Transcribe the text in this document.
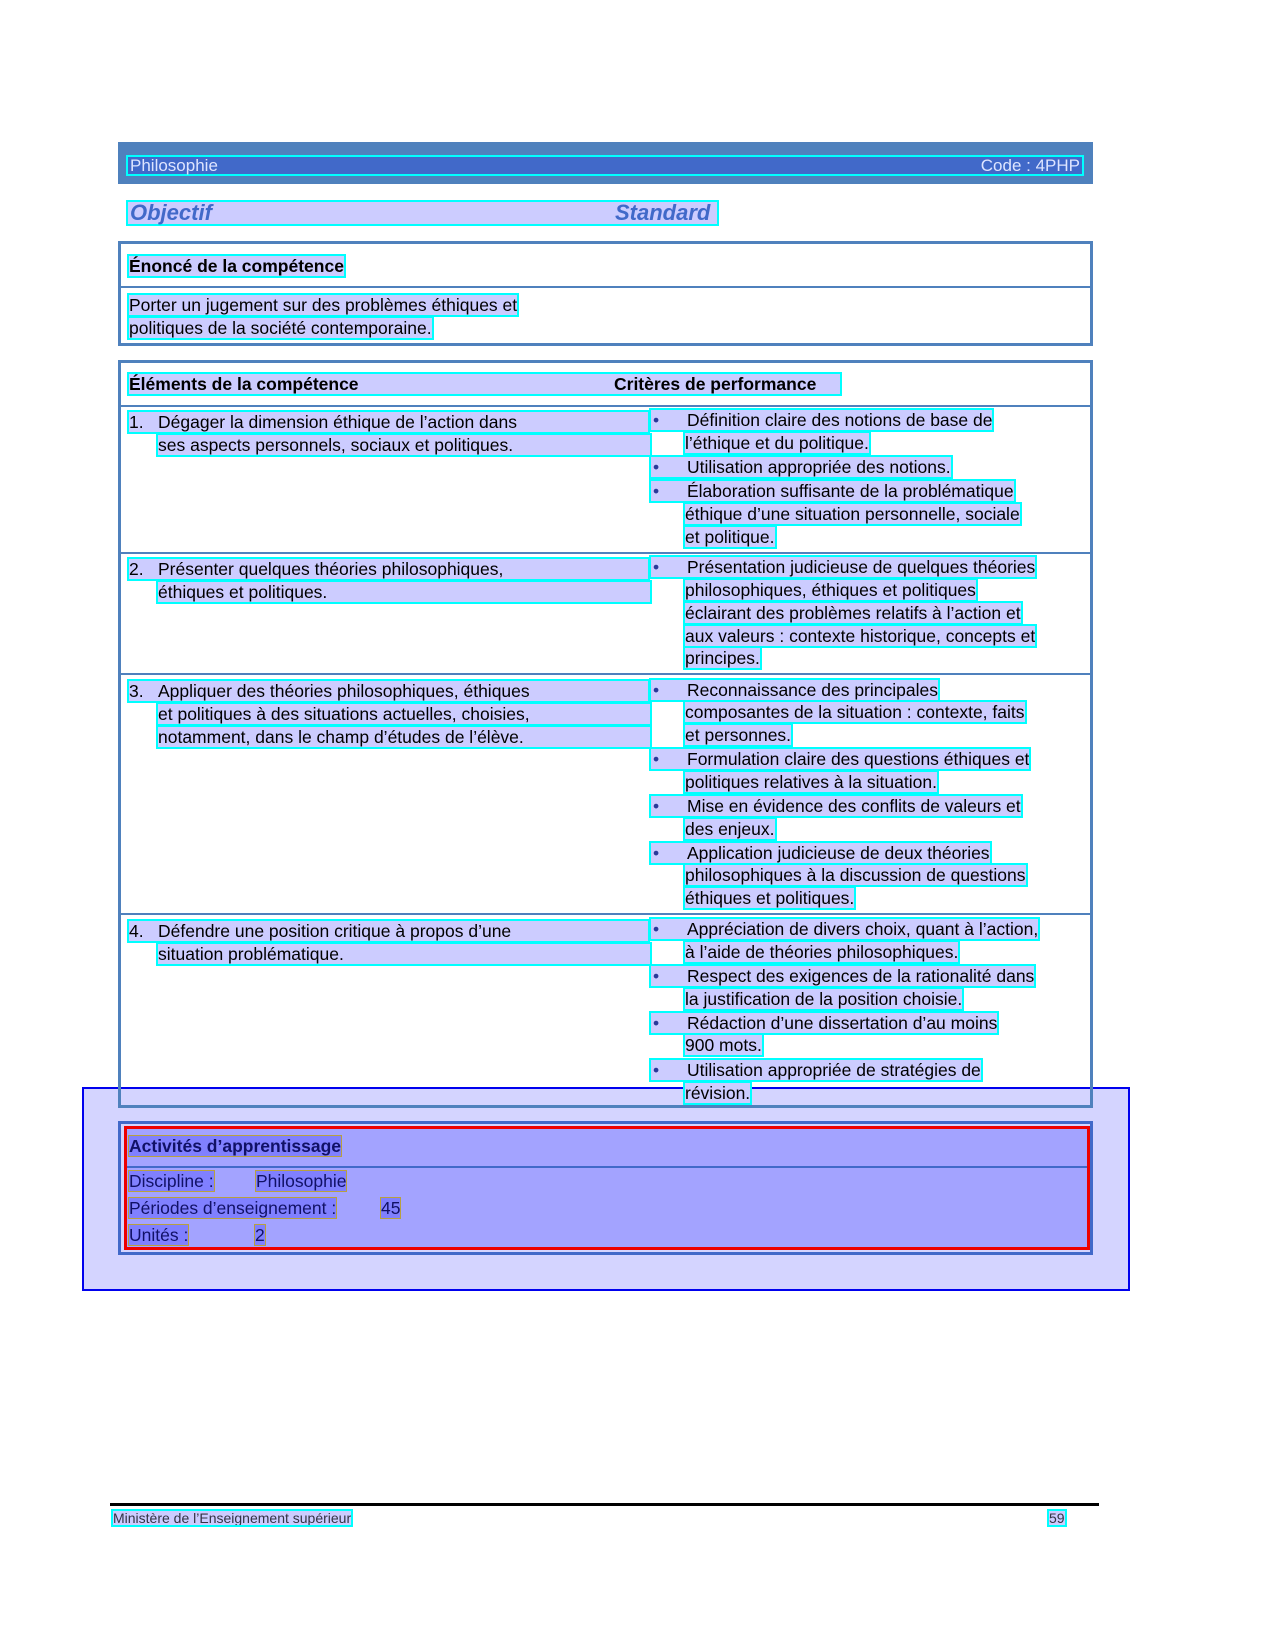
Philosophie	Code : 4PHP
Objectif	Standard
Énoncé de la compétence
Porter un jugement sur des problèmes éthiques et
politiques de la société contemporaine.
Éléments de la compétence	Critères de performance
1. Dégager la dimension éthique de l’action dans
ses aspects personnels, sociaux et politiques.
• Définition claire des notions de base de
l’éthique et du politique.
• Utilisation appropriée des notions.
• Élaboration suffisante de la problématique
éthique d’une situation personnelle, sociale
et politique.
2. Présenter quelques théories philosophiques,
éthiques et politiques.
• Présentation judicieuse de quelques théories
philosophiques, éthiques et politiques
éclairant des problèmes relatifs à l’action et
aux valeurs : contexte historique, concepts et
principes.
3. Appliquer des théories philosophiques, éthiques
et politiques à des situations actuelles, choisies,
notamment, dans le champ d’études de l’élève.
• Reconnaissance des principales
composantes de la situation : contexte, faits
et personnes.
• Formulation claire des questions éthiques et
politiques relatives à la situation.
• Mise en évidence des conflits de valeurs et
des enjeux.
• Application judicieuse de deux théories
philosophiques à la discussion de questions
éthiques et politiques.
4. Défendre une position critique à propos d’une
situation problématique.
• Appréciation de divers choix, quant à l’action,
à l’aide de théories philosophiques.
• Respect des exigences de la rationalité dans
la justification de la position choisie.
• Rédaction d’une dissertation d’au moins
900 mots.
• Utilisation appropriée de stratégies de
révision.
Activités d’apprentissage
Discipline : Philosophie
Périodes d’enseignement :	45
Unités :	2
Ministère de l’Enseignement supérieur	59
